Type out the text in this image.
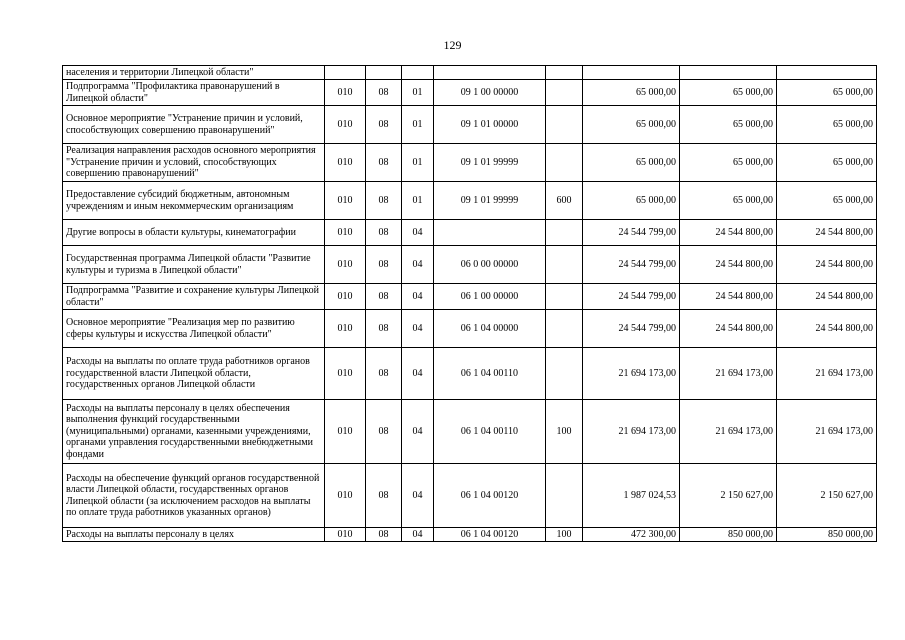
129
населения и территории Липецкой области"								
Подпрограмма "Профилактика правонарушений в Липецкой области"	010	08	01	09 1 00 00000		65 000,00	65 000,00	65 000,00
Основное мероприятие "Устранение причин и условий, способствующих совершению правонарушений"	010	08	01	09 1 01 00000		65 000,00	65 000,00	65 000,00
Реализация направления расходов основного мероприятия "Устранение причин и условий, способствующих совершению правонарушений"	010	08	01	09 1 01 99999		65 000,00	65 000,00	65 000,00
Предоставление субсидий бюджетным, автономным учреждениям и иным некоммерческим организациям	010	08	01	09 1 01 99999	600	65 000,00	65 000,00	65 000,00
Другие вопросы в области культуры, кинематографии	010	08	04			24 544 799,00	24 544 800,00	24 544 800,00
Государственная программа Липецкой области "Развитие культуры и туризма в Липецкой области"	010	08	04	06 0 00 00000		24 544 799,00	24 544 800,00	24 544 800,00
Подпрограмма "Развитие и сохранение культуры Липецкой области"	010	08	04	06 1 00 00000		24 544 799,00	24 544 800,00	24 544 800,00
Основное мероприятие "Реализация мер по развитию сферы культуры и искусства Липецкой области"	010	08	04	06 1 04 00000		24 544 799,00	24 544 800,00	24 544 800,00
Расходы на выплаты по оплате труда работников органов государственной власти Липецкой области, государственных органов Липецкой области	010	08	04	06 1 04 00110		21 694 173,00	21 694 173,00	21 694 173,00
Расходы на выплаты персоналу в целях обеспечения выполнения функций государственными (муниципальными) органами, казенными учреждениями, органами управления государственными внебюджетными фондами	010	08	04	06 1 04 00110	100	21 694 173,00	21 694 173,00	21 694 173,00
Расходы на обеспечение функций органов государственной власти Липецкой области, государственных органов Липецкой области (за исключением расходов на выплаты по оплате труда работников указанных органов)	010	08	04	06 1 04 00120		1 987 024,53	2 150 627,00	2 150 627,00
Расходы на выплаты персоналу в целях	010	08	04	06 1 04 00120	100	472 300,00	850 000,00	850 000,00
